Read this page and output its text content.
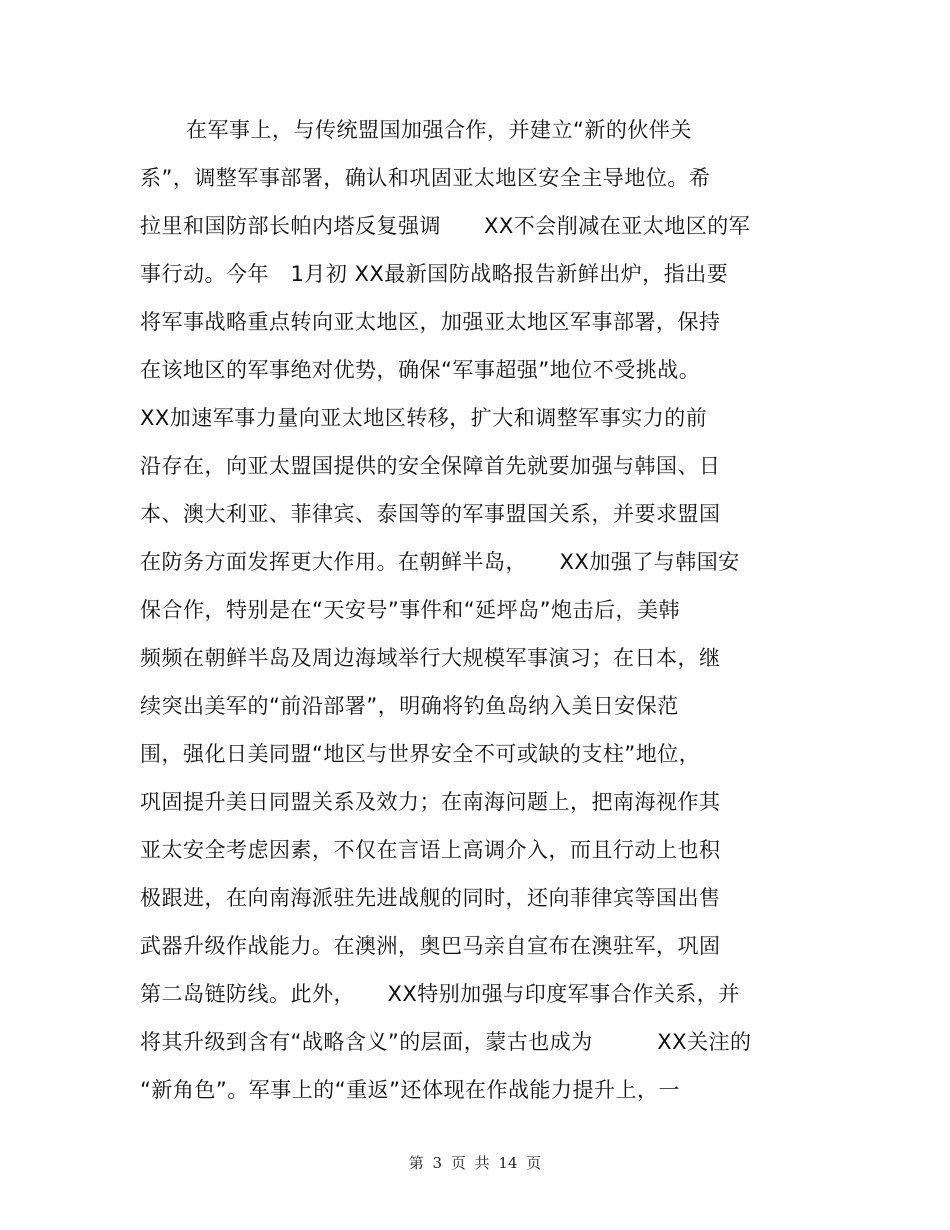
在军事上，与传统盟国加强合作，并建立“新的伙伴关
系”，调整军事部署，确认和巩固亚太地区安全主导地位。希
拉里和国防部长帕内塔反复强调　　XX不会削减在亚太地区的军
事行动。今年　1月初 XX最新国防战略报告新鲜出炉，指出要
将军事战略重点转向亚太地区，加强亚太地区军事部署，保持
在该地区的军事绝对优势，确保“军事超强”地位不受挑战。
XX加速军事力量向亚太地区转移，扩大和调整军事实力的前
沿存在，向亚太盟国提供的安全保障首先就要加强与韩国、日
本、澳大利亚、菲律宾、泰国等的军事盟国关系，并要求盟国
在防务方面发挥更大作用。在朝鲜半岛，　　XX加强了与韩国安
保合作，特别是在“天安号”事件和“延坪岛”炮击后，美韩
频频在朝鲜半岛及周边海域举行大规模军事演习；在日本，继
续突出美军的“前沿部署”，明确将钓鱼岛纳入美日安保范
围，强化日美同盟“地区与世界安全不可或缺的支柱”地位，
巩固提升美日同盟关系及效力；在南海问题上，把南海视作其
亚太安全考虑因素，不仅在言语上高调介入，而且行动上也积
极跟进，在向南海派驻先进战舰的同时，还向菲律宾等国出售
武器升级作战能力。在澳洲，奥巴马亲自宣布在澳驻军，巩固
第二岛链防线。此外，　　XX特别加强与印度军事合作关系，并
将其升级到含有“战略含义”的层面，蒙古也成为　　　XX关注的
“新角色”。军事上的“重返”还体现在作战能力提升上，一
第 3 页 共 14 页
